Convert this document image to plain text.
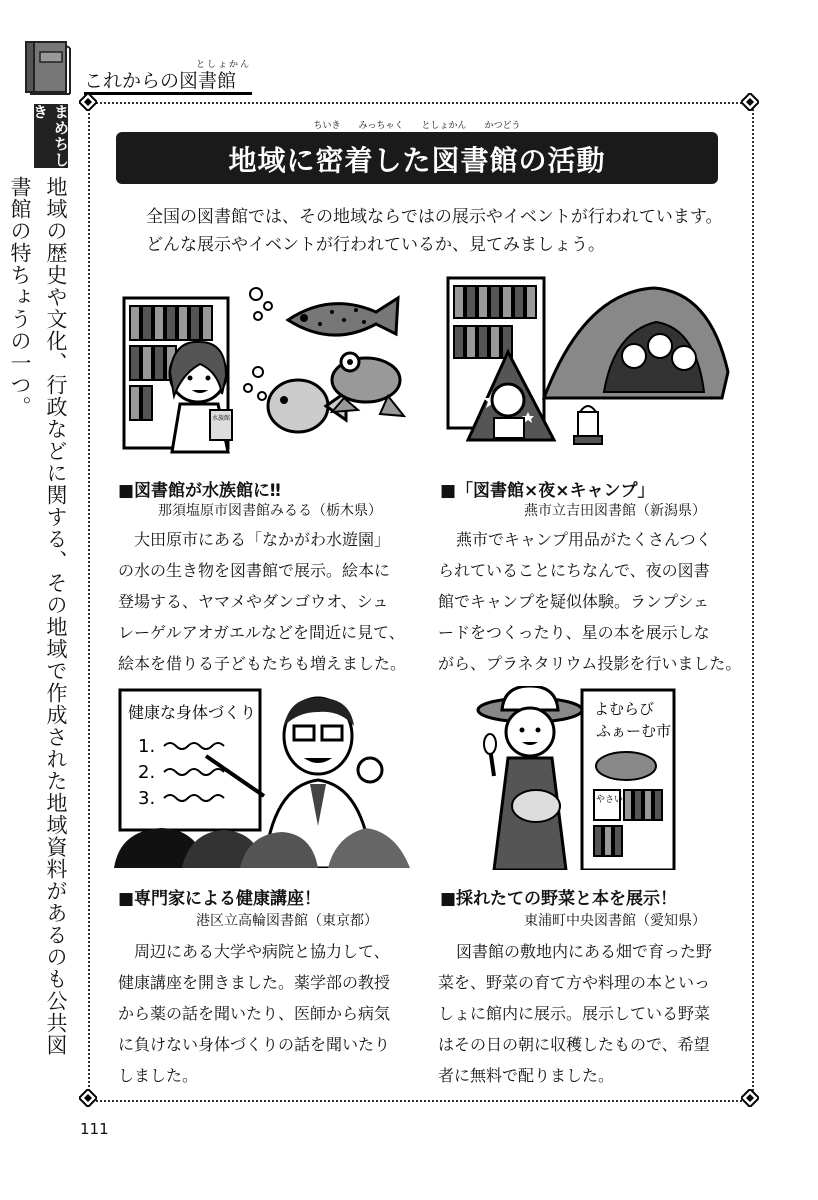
としょかん
これからの図書館
まめちしき
地域の歴史や文化、行政などに関する、その地域で作成された地域資料があるのも公共図書館の特ちょうの一つ。
ちいき　　みっちゃく　　としょかん　　かつどう
地域に密着した図書館の活動
全国の図書館では、その地域ならではの展示やイベントが行われています。
どんな展示やイベントが行われているか、見てみましょう。
水族館
■図書館が水族館に‼
那須塩原市図書館みるる（栃木県）
大田原市にある「なかがわ水遊園」
の水の生き物を図書館で展示。絵本に
登場する、ヤマメやダンゴウオ、シュ
レーゲルアオガエルなどを間近に見て、
絵本を借りる子どもたちも増えました。
■「図書館×夜×キャンプ」
燕市立吉田図書館（新潟県）
燕市でキャンプ用品がたくさんつく
られていることにちなんで、夜の図書
館でキャンプを疑似体験。ランプシェ
ードをつくったり、星の本を展示しな
がら、プラネタリウム投影を行いました。
健康な身体づくり
1.
2.
3.
よむらび
ふぁーむ市
やさい
■専門家による健康講座！
港区立高輪図書館（東京都）
周辺にある大学や病院と協力して、
健康講座を開きました。薬学部の教授
から薬の話を聞いたり、医師から病気
に負けない身体づくりの話を聞いたり
しました。
■採れたての野菜と本を展示！
東浦町中央図書館（愛知県）
図書館の敷地内にある畑で育った野
菜を、野菜の育て方や料理の本といっ
しょに館内に展示。展示している野菜
はその日の朝に収穫したもので、希望
者に無料で配りました。
111
